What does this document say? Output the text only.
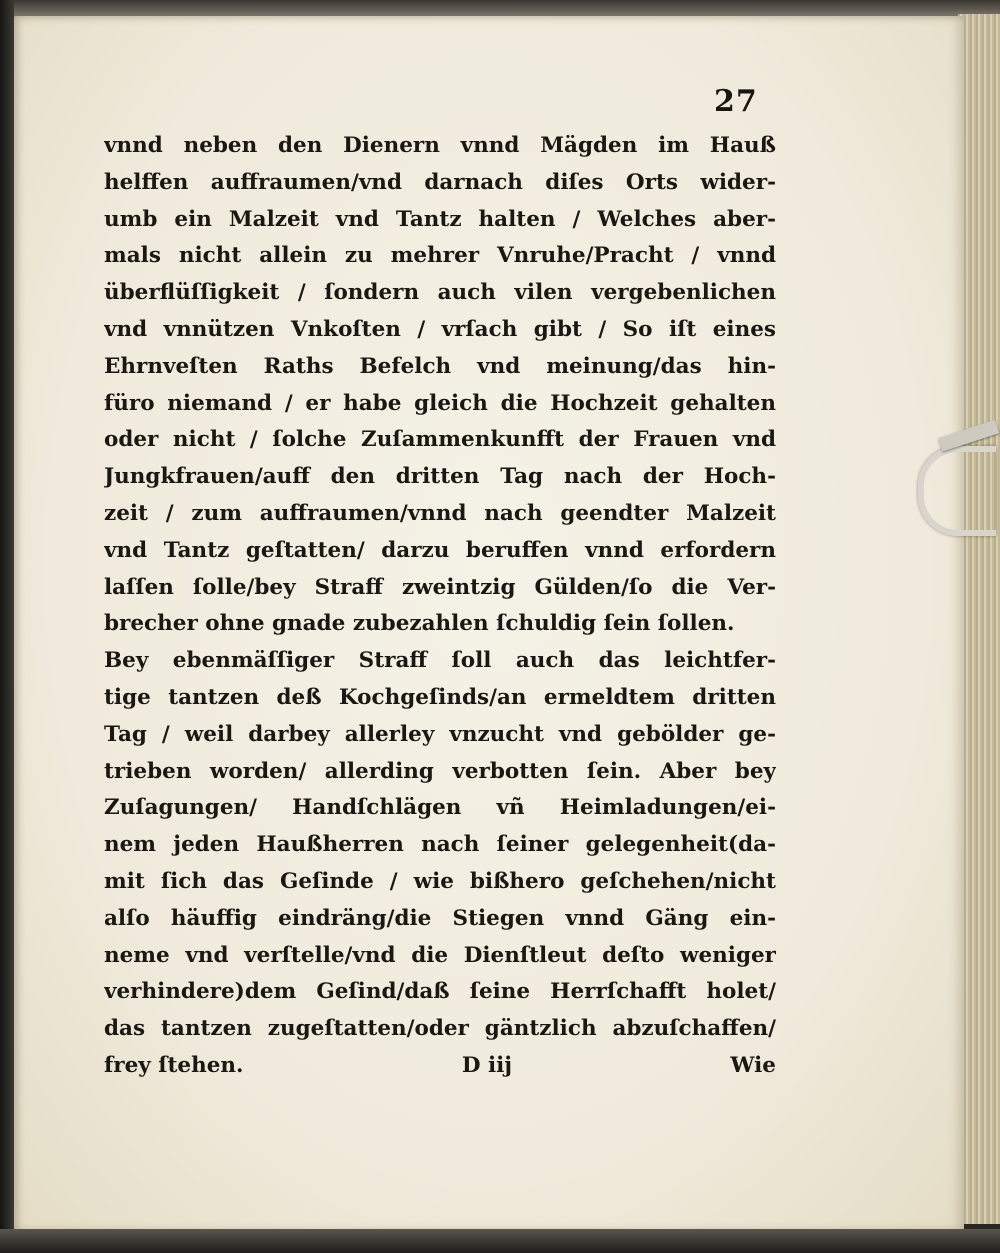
27
vnnd neben den Dienern vnnd Mägden im Hauß
helffen auffraumen/vnd darnach diſes Orts wider-
umb ein Malzeit vnd Tantz halten / Welches aber-
mals nicht allein zu mehrer Vnruhe/Pracht / vnnd
überflüſſigkeit / ſondern auch vilen vergebenlichen
vnd vnnützen Vnkoſten / vrſach gibt / So iſt eines
Ehrnveſten Raths Befelch vnd meinung/das hin-
füro niemand / er habe gleich die Hochzeit gehalten
oder nicht / ſolche Zuſammenkunfft der Frauen vnd
Jungkfrauen/auff den dritten Tag nach der Hoch-
zeit / zum auffraumen/vnnd nach geendter Malzeit
vnd Tantz geſtatten/ darzu beruffen vnnd erfordern
laſſen ſolle/bey Straff zweintzig Gülden/ſo die Ver-
brecher ohne gnade zubezahlen ſchuldig ſein ſollen.
Bey ebenmäſſiger Straff ſoll auch das leichtfer-
tige tantzen deß Kochgeſinds/an ermeldtem dritten
Tag / weil darbey allerley vnzucht vnd gebölder ge-
trieben worden/ allerding verbotten ſein. Aber bey
Zuſagungen/ Handſchlägen vñ Heimladungen/ei-
nem jeden Haußherren nach ſeiner gelegenheit(da-
mit ſich das Geſinde / wie bißhero geſchehen/nicht
alſo häuffig eindräng/die Stiegen vnnd Gäng ein-
neme vnd verſtelle/vnd die Dienſtleut deſto weniger
verhindere)dem Geſind/daß ſeine Herrſchafft holet/
das tantzen zugeſtatten/oder gäntzlich abzuſchaffen/
frey ſtehen.	D iij	Wie
